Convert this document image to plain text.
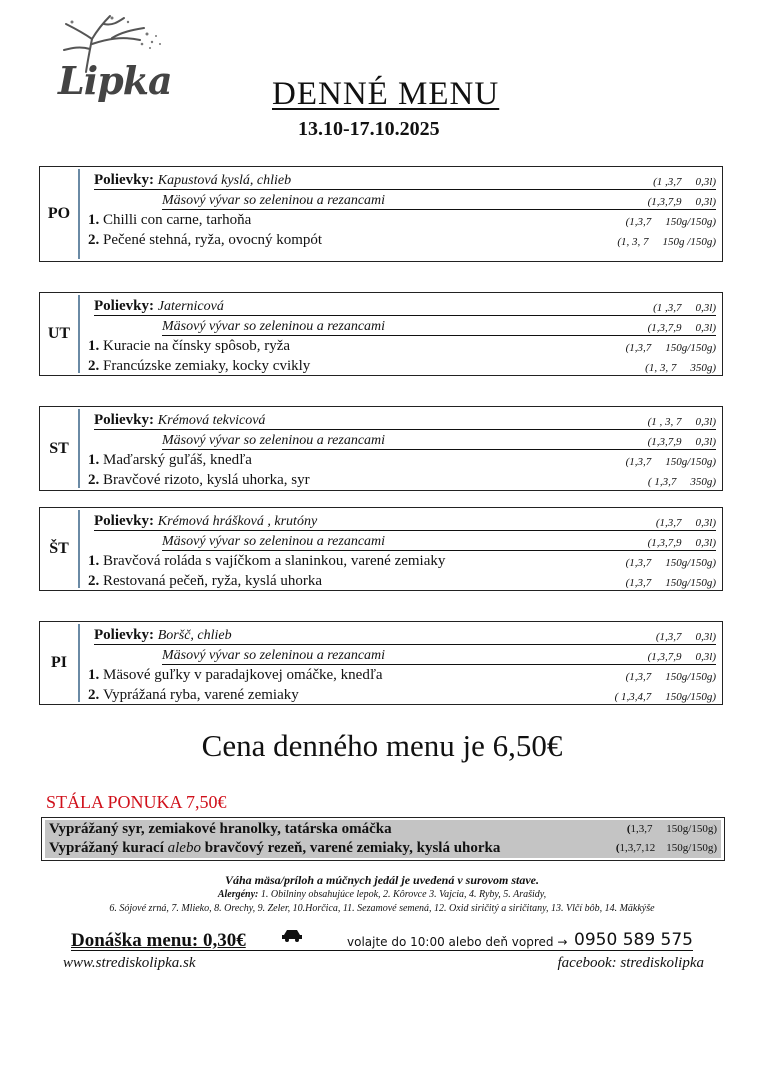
Lipka	DENNÉ MENU
13.10-17.10.2025
PO
Polievky:
Kapustová kyslá, chlieb	(1 ,3,7 0,3l)
Mäsový vývar so zeleninou a rezancami	(1,3,7,9 0,3l)
1.
Chilli con carne, tarhoňa	(1,3,7 150g/150g)
2.
Pečené stehná, ryža, ovocný kompót	(1, 3, 7 150g /150g)
UT
Polievky:
Jaternicová	(1 ,3,7 0,3l)
Mäsový vývar so zeleninou a rezancami	(1,3,7,9 0,3l)
1.
Kuracie na čínsky spôsob, ryža	(1,3,7 150g/150g)
2.
Francúzske zemiaky, kocky cvikly	(1, 3, 7 350g)
ST
Polievky:
Krémová tekvicová	(1 , 3, 7 0,3l)
Mäsový vývar so zeleninou a rezancami	(1,3,7,9 0,3l)
1.
Maďarský guľáš, knedľa	(1,3,7 150g/150g)
2.
Bravčové rizoto, kyslá uhorka, syr	( 1,3,7 350g)
ŠT
Polievky:
Krémová hrášková , krutóny	(1,3,7 0,3l)
Mäsový vývar so zeleninou a rezancami	(1,3,7,9 0,3l)
1.
Bravčová roláda s vajíčkom a slaninkou, varené zemiaky	(1,3,7 150g/150g)
2.
Restovaná pečeň, ryža, kyslá uhorka	(1,3,7 150g/150g)
PI
Polievky:
Boršč, chlieb	(1,3,7 0,3l)
Mäsový vývar so zeleninou a rezancami	(1,3,7,9 0,3l)
1.
Mäsové guľky v paradajkovej omáčke, knedľa	(1,3,7 150g/150g)
2.
Vyprážaná ryba, varené zemiaky	( 1,3,4,7 150g/150g)
Cena denného menu je 6,50€
STÁLA PONUKA 7,50€
Vyprážaný syr, zemiakové hranolky, tatárska omáčka	(1,3,7 150g/150g)
Vyprážaný kurací alebo bravčový rezeň, varené zemiaky, kyslá uhorka	(1,3,7,12 150g/150g)
Váha mäsa/príloh a múčnych jedál je uvedená v surovom stave.
Alergény: 1. Obilniny obsahujúce lepok, 2. Kôrovce 3. Vajcia, 4. Ryby, 5. Arašidy,
6. Sójové zrná, 7. Mlieko, 8. Orechy, 9. Zeler, 10.Horčica, 11. Sezamové semená, 12. Oxid siričitý a siričitany, 13. Vlčí bôb, 14. Mäkkýše
Donáška menu: 0,30€	volajte do 10:00 alebo deň vopred → 0950 589 575
www.strediskolipka.sk	facebook: strediskolipka
